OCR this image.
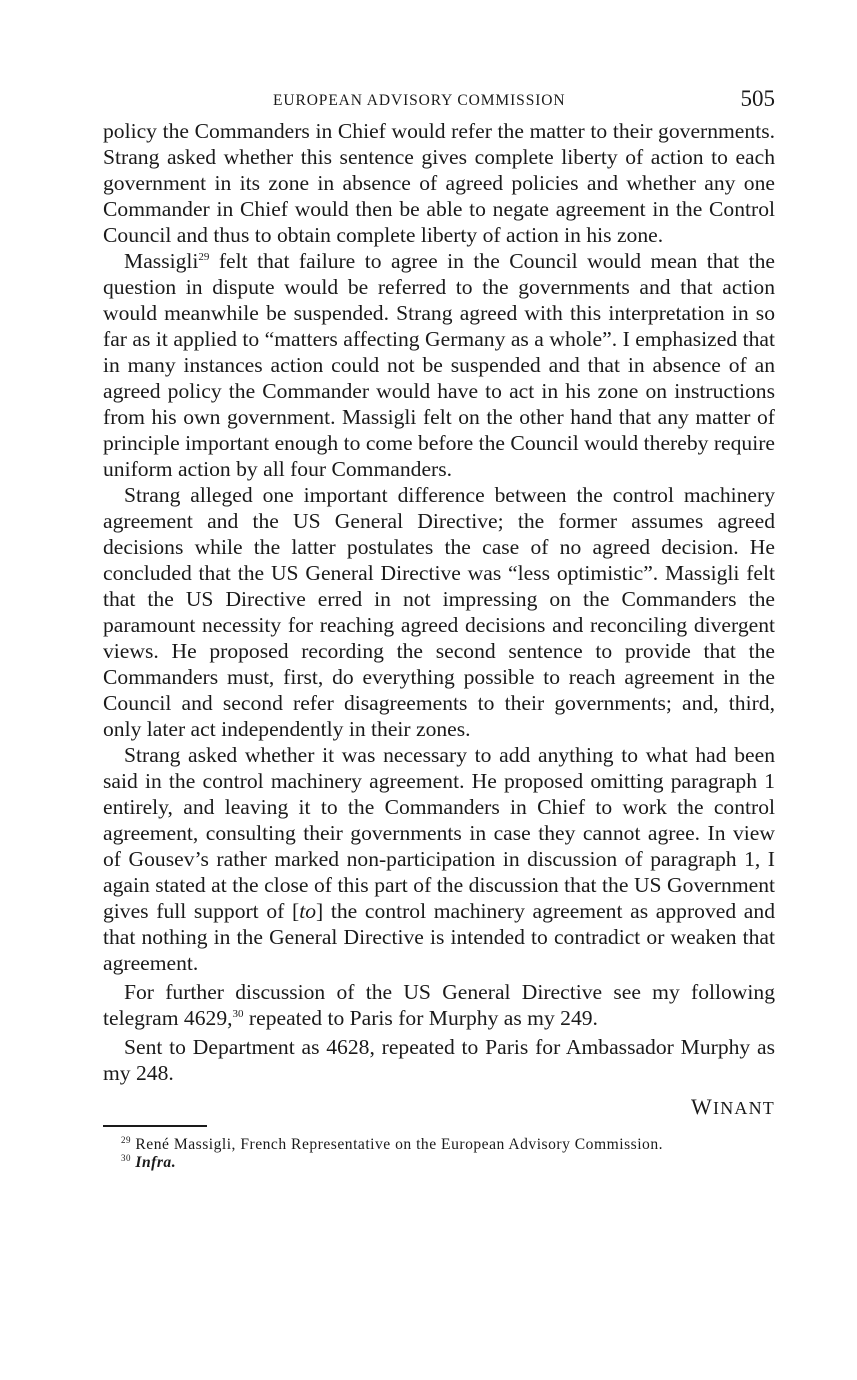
EUROPEAN ADVISORY COMMISSION	505

policy the Commanders in Chief would refer the matter to their governments. Strang asked whether this sentence gives complete liberty of action to each government in its zone in absence of agreed policies and whether any one Commander in Chief would then be able to negate agreement in the Control Council and thus to obtain complete liberty of action in his zone.

Massigli$^{29}$ felt that failure to agree in the Council would mean that the question in dispute would be referred to the governments and that action would meanwhile be suspended. Strang agreed with this interpretation in so far as it applied to “matters affecting Germany as a whole”. I emphasized that in many instances action could not be suspended and that in absence of an agreed policy the Commander would have to act in his zone on instructions from his own government. Massigli felt on the other hand that any matter of principle important enough to come before the Council would thereby require uniform action by all four Commanders.

Strang alleged one important difference between the control machinery agreement and the US General Directive; the former assumes agreed decisions while the latter postulates the case of no agreed decision. He concluded that the US General Directive was “less optimistic”. Massigli felt that the US Directive erred in not impressing on the Commanders the paramount necessity for reaching agreed decisions and reconciling divergent views. He proposed recording the second sentence to provide that the Commanders must, first, do everything possible to reach agreement in the Council and second refer disagreements to their governments; and, third, only later act independently in their zones.

Strang asked whether it was necessary to add anything to what had been said in the control machinery agreement. He proposed omitting paragraph 1 entirely, and leaving it to the Commanders in Chief to work the control agreement, consulting their governments in case they cannot agree. In view of Gousev’s rather marked non-participation in discussion of paragraph 1, I again stated at the close of this part of the discussion that the US Government gives full support of [to] the control machinery agreement as approved and that nothing in the General Directive is intended to contradict or weaken that agreement.

For further discussion of the US General Directive see my following telegram 4629,30 repeated to Paris for Murphy as my 249.

Sent to Department as 4628, repeated to Paris for Ambassador Murphy as my 248.

WINANT

$^{29}$ René Massigli, French Representative on the European Advisory Commission.

$^{30}$ Infra.
